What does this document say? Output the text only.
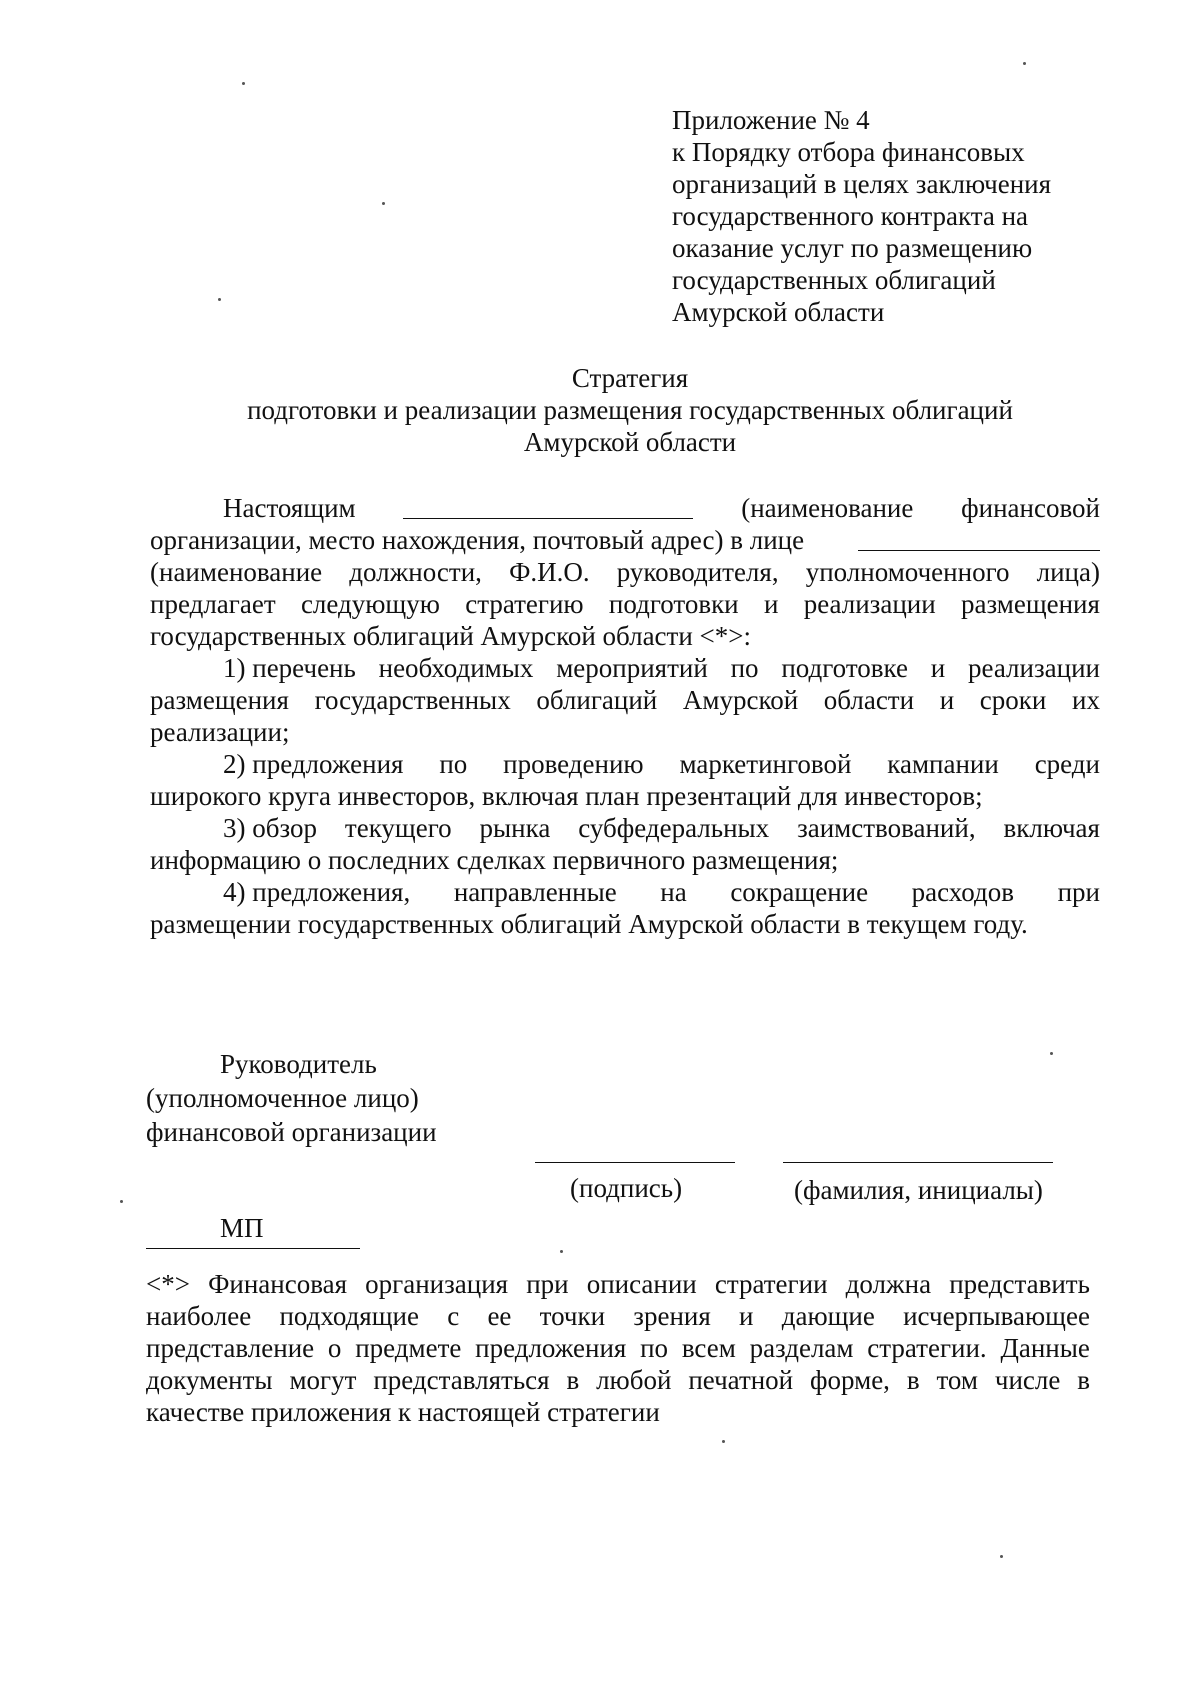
Приложение № 4
к Порядку отбора финансовых
организаций в целях заключения
государственного контракта на
оказание услуг по размещению
государственных облигаций
Амурской области
Стратегия
подготовки и реализации размещения государственных облигаций
Амурской области
Настоящим	(наименование финансовой
организации, место нахождения, почтовый адрес) в лице
(наименование должности, Ф.И.О. руководителя, уполномоченного лица)
предлагает следующую стратегию подготовки и реализации размещения
государственных облигаций Амурской области <*>:
1) перечень необходимых мероприятий по подготовке и реализации
размещения государственных облигаций Амурской области и сроки их
реализации;
2) предложения по проведению маркетинговой кампании среди
широкого круга инвесторов, включая план презентаций для инвесторов;
3) обзор текущего рынка субфедеральных заимствований, включая
информацию о последних сделках первичного размещения;
4) предложения, направленные на сокращение расходов при
размещении государственных облигаций Амурской области в текущем году.
Руководитель
(уполномоченное лицо)
финансовой организации
(подпись)	(фамилия, инициалы)
МП
<*> Финансовая организация при описании стратегии должна представить
наиболее подходящие с ее точки зрения и дающие исчерпывающее
представление о предмете предложения по всем разделам стратегии. Данные
документы могут представляться в любой печатной форме, в том числе в
качестве приложения к настоящей стратегии
